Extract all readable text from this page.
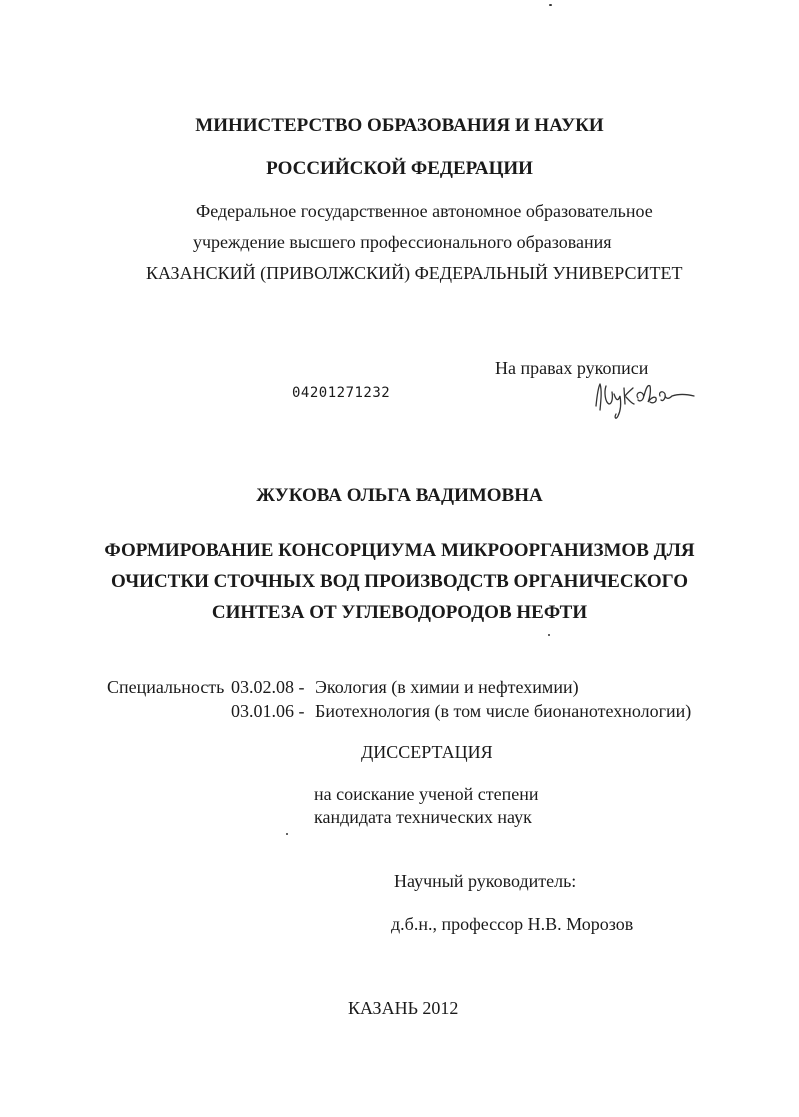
МИНИСТЕРСТВО ОБРАЗОВАНИЯ И НАУКИ
РОССИЙСКОЙ ФЕДЕРАЦИИ
Федеральное государственное автономное образовательное
учреждение высшего профессионального образования
КАЗАНСКИЙ (ПРИВОЛЖСКИЙ) ФЕДЕРАЛЬНЫЙ УНИВЕРСИТЕТ
На правах рукописи
04201271232
ЖУКОВА ОЛЬГА ВАДИМОВНА
ФОРМИРОВАНИЕ КОНСОРЦИУМА МИКРООРГАНИЗМОВ ДЛЯ
ОЧИСТКИ СТОЧНЫХ ВОД ПРОИЗВОДСТВ ОРГАНИЧЕСКОГО
СИНТЕЗА ОТ УГЛЕВОДОРОДОВ НЕФТИ
Специальность 03.02.08 - Экология (в химии и нефтехимии)
03.01.06 - Биотехнология (в том числе бионанотехнологии)
ДИССЕРТАЦИЯ
на соискание ученой степени
кандидата технических наук
Научный руководитель:
д.б.н., профессор Н.В. Морозов
КАЗАНЬ 2012
